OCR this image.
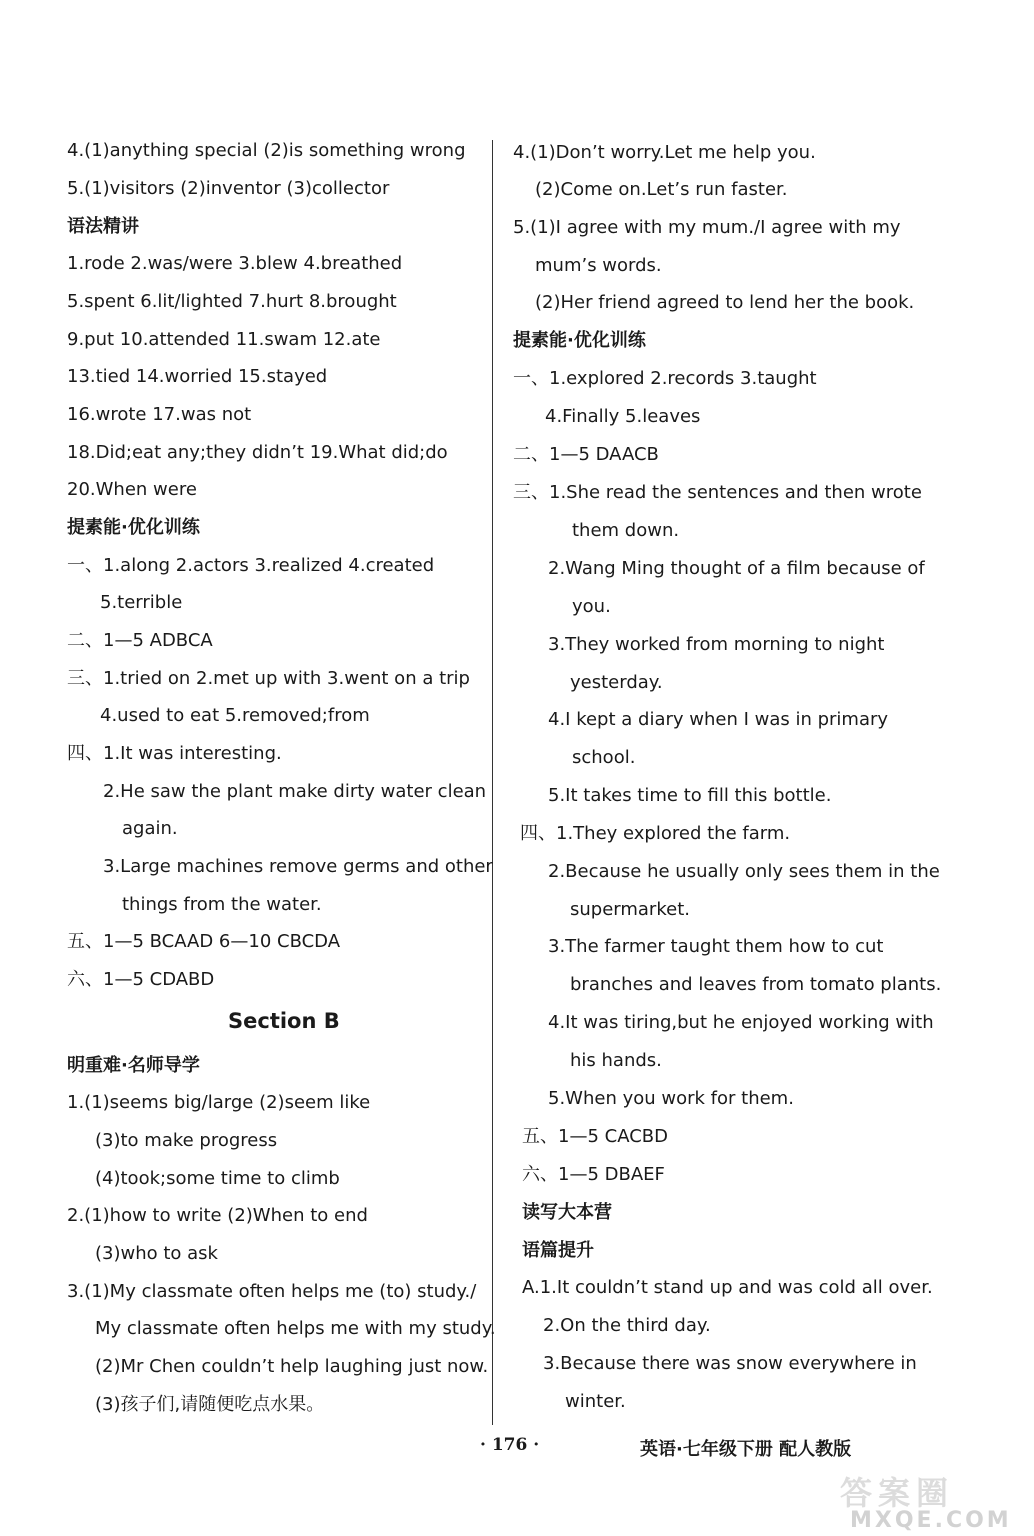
4.(1)anything special (2)is something wrong
5.(1)visitors (2)inventor (3)collector
语法精讲
1.rode 2.was/were 3.blew 4.breathed
5.spent 6.lit/lighted 7.hurt 8.brought
9.put 10.attended 11.swam 12.ate
13.tied 14.worried 15.stayed
16.wrote 17.was not
18.Did;eat any;they didn’t 19.What did;do
20.When were
提素能·优化训练
一、1.along 2.actors 3.realized 4.created
5.terrible
二、1—5 ADBCA
三、1.tried on 2.met up with 3.went on a trip
4.used to eat 5.removed;from
四、1.It was interesting.
2.He saw the plant make dirty water clean
again.
3.Large machines remove germs and other
things from the water.
五、1—5 BCAAD 6—10 CBCDA
六、1—5 CDABD
Section B
明重难·名师导学
1.(1)seems big/large (2)seem like
(3)to make progress
(4)took;some time to climb
2.(1)how to write (2)When to end
(3)who to ask
3.(1)My classmate often helps me (to) study./
My classmate often helps me with my study.
(2)Mr Chen couldn’t help laughing just now.
(3)孩子们,请随便吃点水果。
4.(1)Don’t worry.Let me help you.
(2)Come on.Let’s run faster.
5.(1)I agree with my mum./I agree with my
mum’s words.
(2)Her friend agreed to lend her the book.
提素能·优化训练
一、1.explored 2.records 3.taught
4.Finally 5.leaves
二、1—5 DAACB
三、1.She read the sentences and then wrote
them down.
2.Wang Ming thought of a film because of
you.
3.They worked from morning to night
yesterday.
4.I kept a diary when I was in primary
school.
5.It takes time to fill this bottle.
四、1.They explored the farm.
2.Because he usually only sees them in the
supermarket.
3.The farmer taught them how to cut
branches and leaves from tomato plants.
4.It was tiring,but he enjoyed working with
his hands.
5.When you work for them.
五、1—5 CACBD
六、1—5 DBAEF
读写大本营
语篇提升
A.1.It couldn’t stand up and was cold all over.
2.On the third day.
3.Because there was snow everywhere in
winter.
· 176 ·	英语·七年级下册 配人教版
答案圈
MXQE.COM
